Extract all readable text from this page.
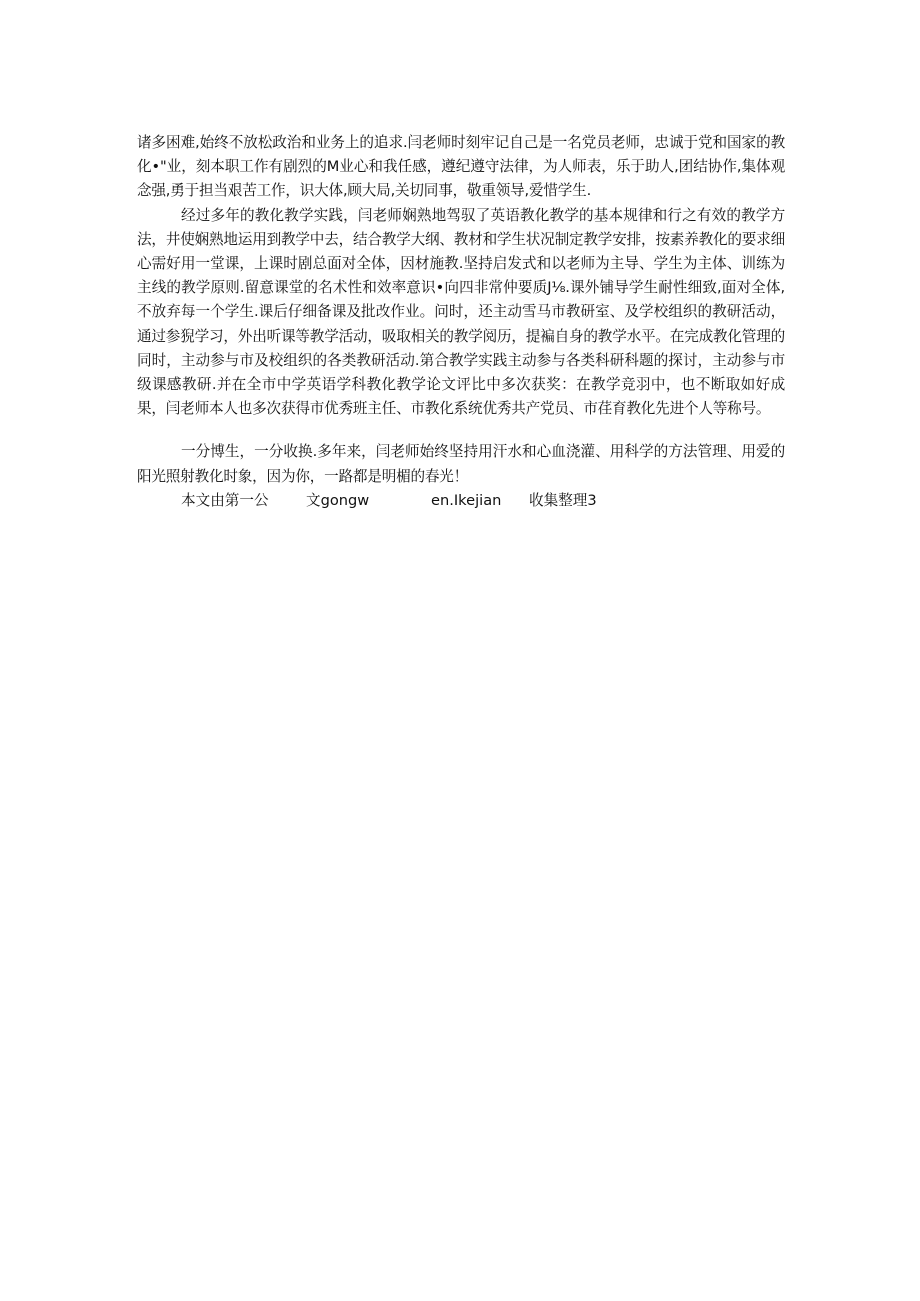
诸多困难,始终不放松政治和业务上的追求.闫老师时刻牢记自己是一名党员老师，忠诚于党和国家的教化•"业，刻本职工作有剧烈的M业心和我任感，遵纪遵守法律，为人师表，乐于助人,团结协作,集体观念强,勇于担当艰苦工作，识大体,顾大局,关切同事，敬重领导,爱惜学生.

经过多年的教化教学实践，闫老师娴熟地驾驭了英语教化教学的基本规律和行之有效的教学方法，井使娴熟地运用到教学中去，结合教学大纲、教材和学生状况制定教学安排，按素养教化的要求细心需好用一堂课，上课时剧总面对全体，因材施教.坚持启发式和以老师为主导、学生为主体、训练为主线的教学原则.留意课堂的名术性和效率意识•向四非常仲要质J⅛.课外铺导学生耐性细致,面对全体,不放弃每一个学生.课后仔细备课及批改作业。问时，还主动雪马市教研室、及学校组织的教研活动，通过参猊学习，外出听课等教学活动，吸取相关的教学阅历，提褊自身的教学水平。在完成教化管理的同时，主动参与市及校组织的各类教研活动.第合教学实践主动参与各类科研科题的探讨，主动参与市级课感教研.并在全市中学英语学科教化教学论文评比中多次获奖：在教学竞羽中，也不断取如好成果，闫老师本人也多次获得市优秀班主任、市教化系统优秀共产党员、市荏育教化先进个人等称号。

一分博生，一分收换.多年来，闫老师始终坚持用汗水和心血浇灌、用科学的方法管理、用爱的阳光照射教化时象，因为你，一路都是明楣的春光！

本文由第一公	文gongw	en.Ikejian 收集整理3
